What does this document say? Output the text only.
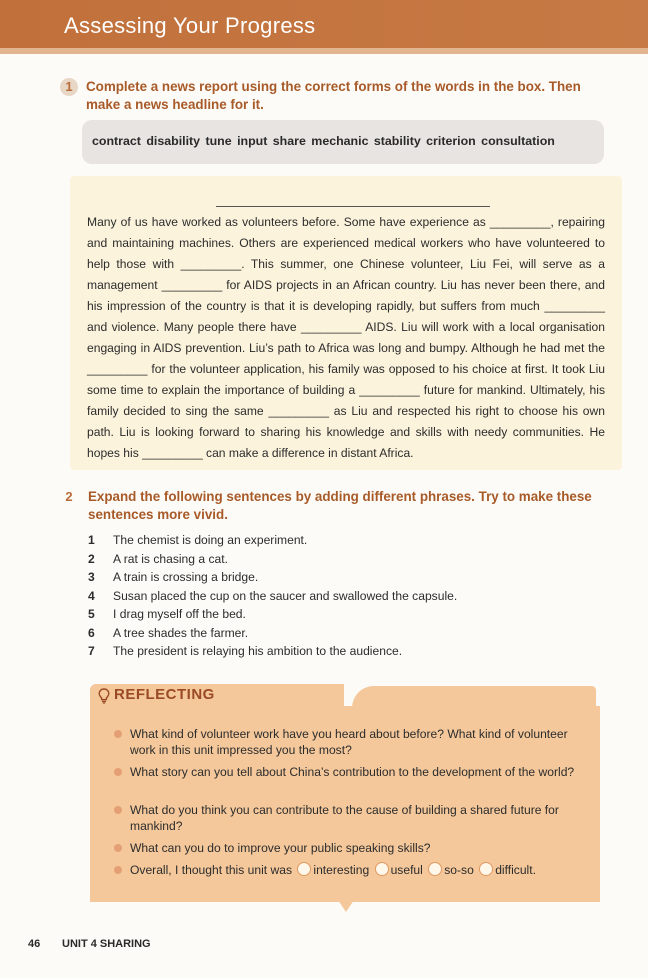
Assessing Your Progress
1 Complete a news report using the correct forms of the words in the box. Then make a news headline for it.
contract disability tune input share mechanic stability criterion consultation

Many of us have worked as volunteers before. Some have experience as _________, repairing and maintaining machines. Others are experienced medical workers who have volunteered to help those with _________. This summer, one Chinese volunteer, Liu Fei, will serve as a management _________ for AIDS projects in an African country. Liu has never been there, and his impression of the country is that it is developing rapidly, but suffers from much _________ and violence. Many people there have _________ AIDS. Liu will work with a local organisation engaging in AIDS prevention. Liu’s path to Africa was long and bumpy. Although he had met the _________ for the volunteer application, his family was opposed to his choice at first. It took Liu some time to explain the importance of building a _________ future for mankind. Ultimately, his family decided to sing the same _________ as Liu and respected his right to choose his own path. Liu is looking forward to sharing his knowledge and skills with needy communities. He hopes his _________ can make a difference in distant Africa.

2	Expand the following sentences by adding different phrases. Try to make these sentences more vivid.
1 The chemist is doing an experiment.
2 A rat is chasing a cat.
3 A train is crossing a bridge.
4 Susan placed the cup on the saucer and swallowed the capsule.
5 I drag myself off the bed.
6 A tree shades the farmer.
7 The president is relaying his ambition to the audience.
REFLECTING
What kind of volunteer work have you heard about before? What kind of volunteer work in this unit impressed you the most?
What story can you tell about China’s contribution to the development of the world?
What do you think you can contribute to the cause of building a shared future for mankind?
What can you do to improve your public speaking skills?
Overall, I thought this unit was interesting useful so-so difficult.
46 UNIT 4 SHARING
